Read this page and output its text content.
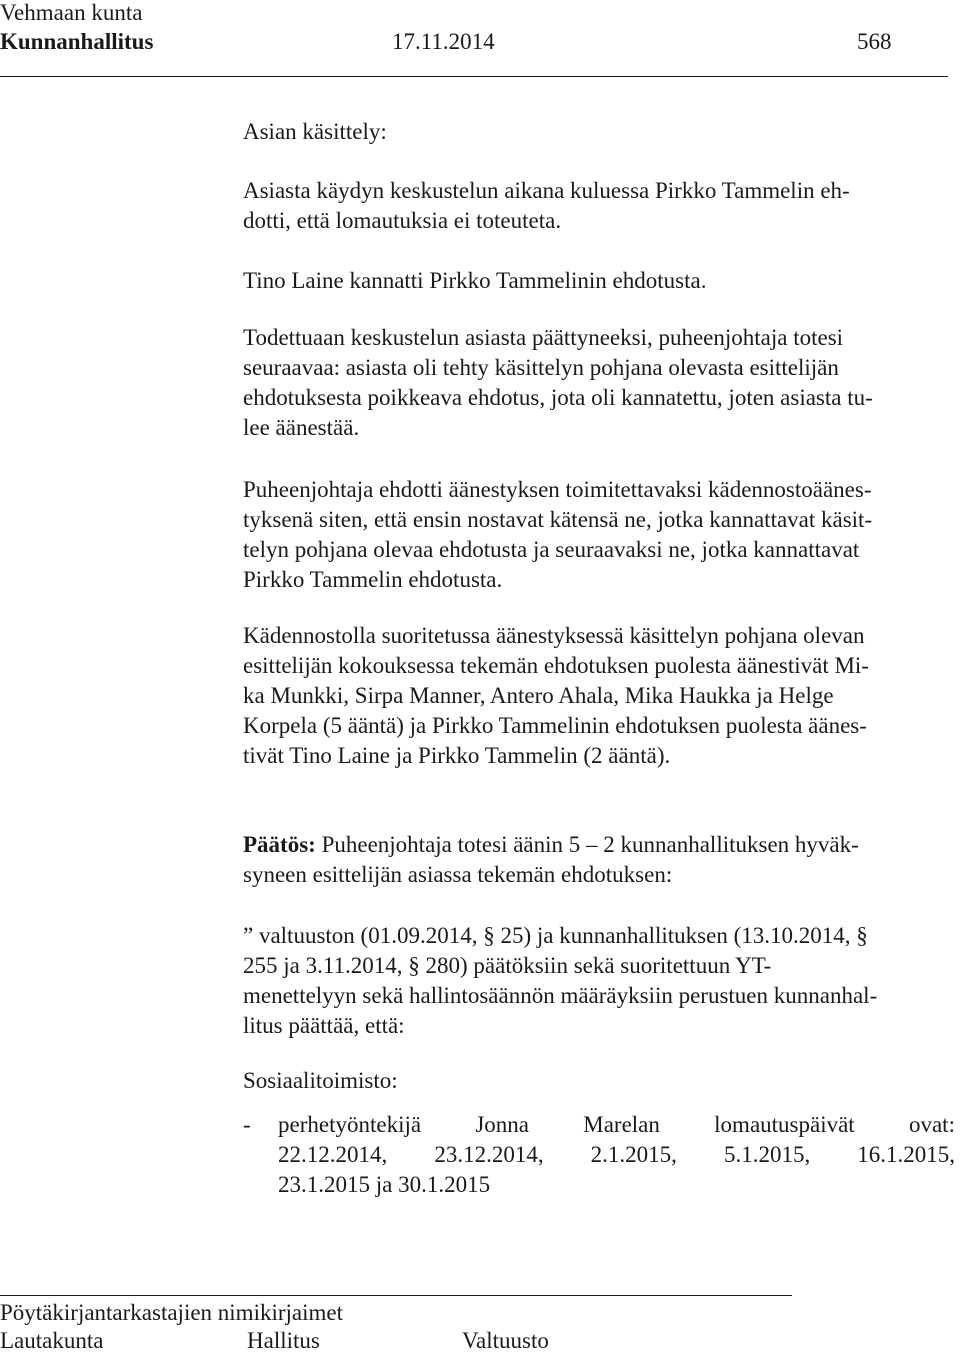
Vehmaan kunta
Kunnanhallitus	17.11.2014	568
Asian käsittely:
Asiasta käydyn keskustelun aikana kuluessa Pirkko Tammelin eh-
dotti, että lomautuksia ei toteuteta.
Tino Laine kannatti Pirkko Tammelinin ehdotusta.
Todettuaan keskustelun asiasta päättyneeksi, puheenjohtaja totesi
seuraavaa: asiasta oli tehty käsittelyn pohjana olevasta esittelijän
ehdotuksesta poikkeava ehdotus, jota oli kannatettu, joten asiasta tu-
lee äänestää.
Puheenjohtaja ehdotti äänestyksen toimitettavaksi kädennostoäänes-
tyksenä siten, että ensin nostavat kätensä ne, jotka kannattavat käsit-
telyn pohjana olevaa ehdotusta ja seuraavaksi ne, jotka kannattavat
Pirkko Tammelin ehdotusta.
Kädennostolla suoritetussa äänestyksessä käsittelyn pohjana olevan
esittelijän kokouksessa tekemän ehdotuksen puolesta äänestivät Mi-
ka Munkki, Sirpa Manner, Antero Ahala, Mika Haukka ja Helge
Korpela (5 ääntä) ja Pirkko Tammelinin ehdotuksen puolesta äänes-
tivät Tino Laine ja Pirkko Tammelin (2 ääntä).
Päätös: Puheenjohtaja totesi äänin 5 – 2 kunnanhallituksen hyväk-
syneen esittelijän asiassa tekemän ehdotuksen:
” valtuuston (01.09.2014, § 25) ja kunnanhallituksen (13.10.2014, §
255 ja 3.11.2014, § 280) päätöksiin sekä suoritettuun YT-
menettelyyn sekä hallintosäännön määräyksiin perustuen kunnanhal-
litus päättää, että:
Sosiaalitoimisto:
- perhetyöntekijä Jonna Marelan lomautuspäivät ovat:
22.12.2014, 23.12.2014, 2.1.2015, 5.1.2015, 16.1.2015,
23.1.2015 ja 30.1.2015
Pöytäkirjantarkastajien nimikirjaimet
Lautakunta	Hallitus	Valtuusto
